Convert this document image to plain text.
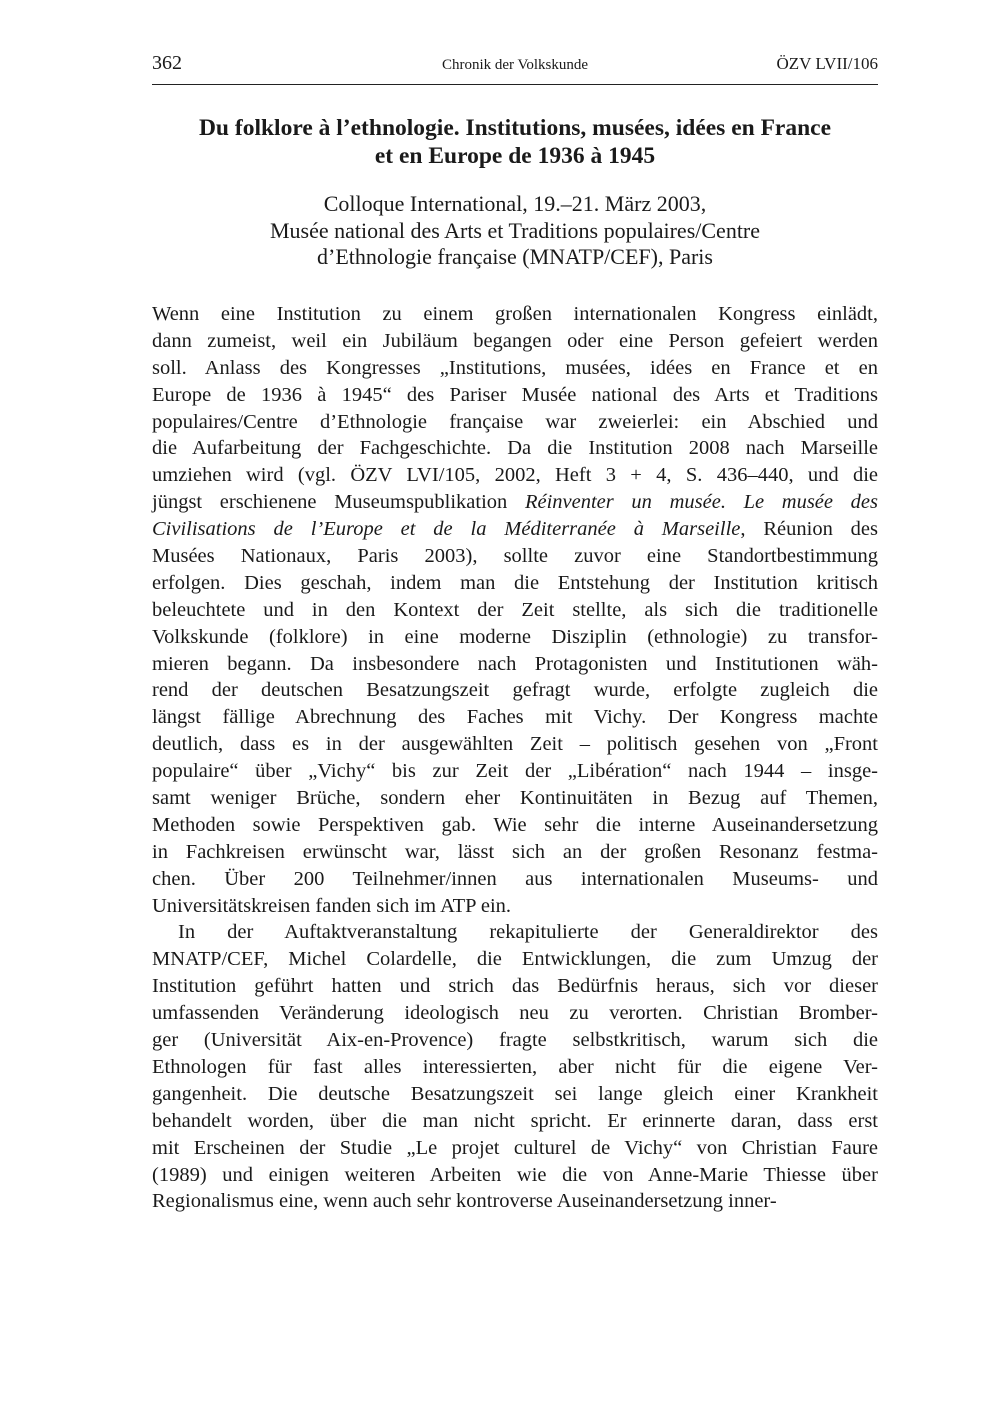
362	Chronik der Volkskunde	ÖZV LVII/106
Du folklore à l’ethnologie. Institutions, musées, idées en France
et en Europe de 1936 à 1945
Colloque International, 19.–21. März 2003,
Musée national des Arts et Traditions populaires/Centre
d’Ethnologie française (MNATP/CEF), Paris
Wenn eine Institution zu einem großen internationalen Kongress einlädt,
dann zumeist, weil ein Jubiläum begangen oder eine Person gefeiert werden
soll. Anlass des Kongresses „Institutions, musées, idées en France et en
Europe de 1936 à 1945“ des Pariser Musée national des Arts et Traditions
populaires/Centre d’Ethnologie française war zweierlei: ein Abschied und
die Aufarbeitung der Fachgeschichte. Da die Institution 2008 nach Marseille
umziehen wird (vgl. ÖZV LVI/105, 2002, Heft 3 + 4, S. 436–440, und die
jüngst erschienene Museumspublikation Réinventer un musée. Le musée des
Civilisations de l’Europe et de la Méditerranée à Marseille, Réunion des
Musées Nationaux, Paris 2003), sollte zuvor eine Standortbestimmung
erfolgen. Dies geschah, indem man die Entstehung der Institution kritisch
beleuchtete und in den Kontext der Zeit stellte, als sich die traditionelle
Volkskunde (folklore) in eine moderne Disziplin (ethnologie) zu transfor-
mieren begann. Da insbesondere nach Protagonisten und Institutionen wäh-
rend der deutschen Besatzungszeit gefragt wurde, erfolgte zugleich die
längst fällige Abrechnung des Faches mit Vichy. Der Kongress machte
deutlich, dass es in der ausgewählten Zeit – politisch gesehen von „Front
populaire“ über „Vichy“ bis zur Zeit der „Libération“ nach 1944 – insge-
samt weniger Brüche, sondern eher Kontinuitäten in Bezug auf Themen,
Methoden sowie Perspektiven gab. Wie sehr die interne Auseinandersetzung
in Fachkreisen erwünscht war, lässt sich an der großen Resonanz festma-
chen. Über 200 Teilnehmer/innen aus internationalen Museums- und
Universitätskreisen fanden sich im ATP ein.
In der Auftaktveranstaltung rekapitulierte der Generaldirektor des
MNATP/CEF, Michel Colardelle, die Entwicklungen, die zum Umzug der
Institution geführt hatten und strich das Bedürfnis heraus, sich vor dieser
umfassenden Veränderung ideologisch neu zu verorten. Christian Bromber-
ger (Universität Aix-en-Provence) fragte selbstkritisch, warum sich die
Ethnologen für fast alles interessierten, aber nicht für die eigene Ver-
gangenheit. Die deutsche Besatzungszeit sei lange gleich einer Krankheit
behandelt worden, über die man nicht spricht. Er erinnerte daran, dass erst
mit Erscheinen der Studie „Le projet culturel de Vichy“ von Christian Faure
(1989) und einigen weiteren Arbeiten wie die von Anne-Marie Thiesse über
Regionalismus eine, wenn auch sehr kontroverse Auseinandersetzung inner-
